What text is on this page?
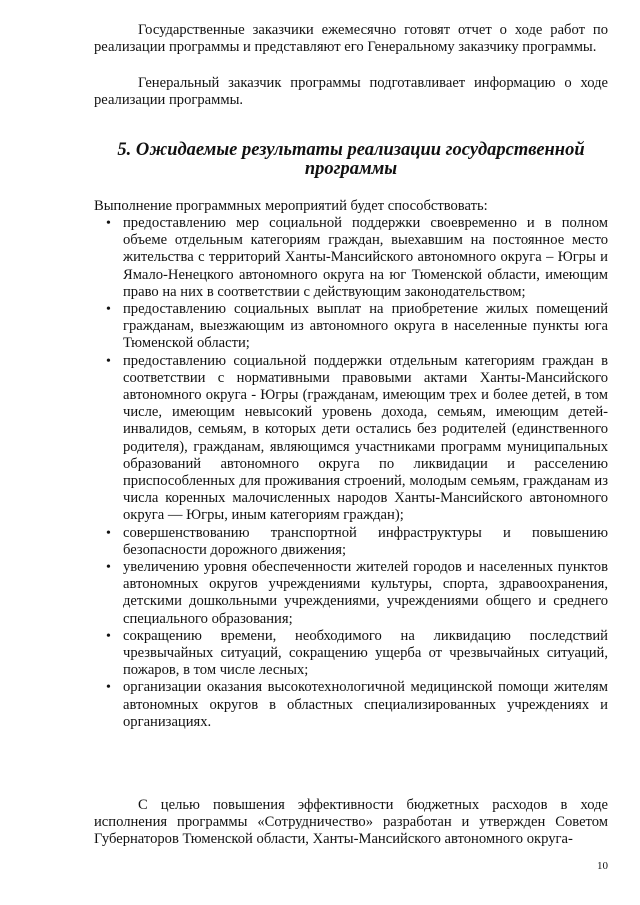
Государственные заказчики ежемесячно готовят отчет о ходе работ по реализации программы и представляют его Генеральному заказчику программы.

Генеральный заказчик программы подготавливает информацию о ходе реализации программы.

5. Ожидаемые результаты реализации государственной программы

Выполнение программных мероприятий будет способствовать:

• предоставлению мер социальной поддержки своевременно и в полном объеме отдельным категориям граждан, выехавшим на постоянное место жительства с территорий Ханты-Мансийского автономного округа – Югры и Ямало-Ненецкого автономного округа на юг Тюменской области, имеющим право на них в соответствии с действующим законодательством;

• предоставлению социальных выплат на приобретение жилых помещений гражданам, выезжающим из автономного округа в населенные пункты юга Тюменской области;

• предоставлению социальной поддержки отдельным категориям граждан в соответствии с нормативными правовыми актами Ханты-Мансийского автономного округа - Югры (гражданам, имеющим трех и более детей, в том числе, имеющим невысокий уровень дохода, семьям, имеющим детей-инвалидов, семьям, в которых дети остались без родителей (единственного родителя), гражданам, являющимся участниками программ муниципальных образований автономного округа по ликвидации и расселению приспособленных для проживания строений, молодым семьям, гражданам из числа коренных малочисленных народов Ханты-Мансийского автономного округа — Югры, иным категориям граждан);

• совершенствованию транспортной инфраструктуры и повышению безопасности дорожного движения;

• увеличению уровня обеспеченности жителей городов и населенных пунктов автономных округов учреждениями культуры, спорта, здравоохранения, детскими дошкольными учреждениями, учреждениями общего и среднего специального образования;

• сокращению времени, необходимого на ликвидацию последствий чрезвычайных ситуаций, сокращению ущерба от чрезвычайных ситуаций, пожаров, в том числе лесных;

• организации оказания высокотехнологичной медицинской помощи жителям автономных округов в областных специализированных учреждениях и организациях.

С целью повышения эффективности бюджетных расходов в ходе исполнения программы «Сотрудничество» разработан и утвержден Советом Губернаторов Тюменской области, Ханты-Мансийского автономного округа-

10
